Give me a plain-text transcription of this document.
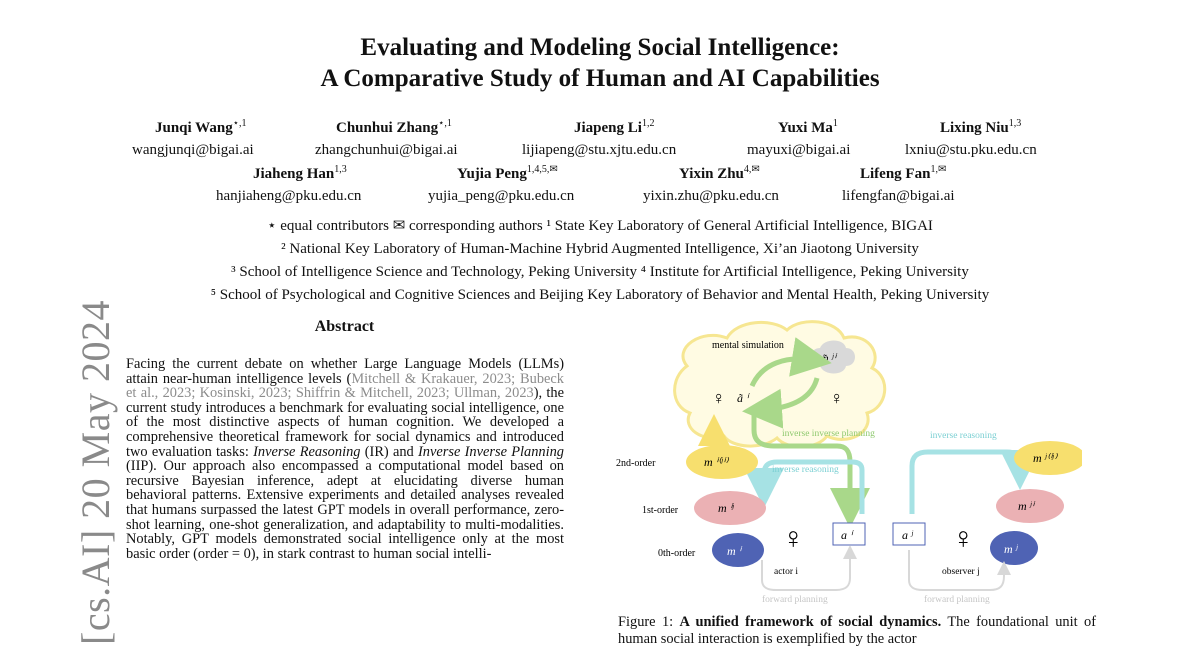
[cs.AI] 20 May 2024
Evaluating and Modeling Social Intelligence:
A Comparative Study of Human and AI Capabilities
Junqi Wang$^{⋆,1}$	Chunhui Zhang$^{⋆,1}$	Jiapeng Li$^{1,2}$	Yuxi Ma$^1$	Lixing Niu$^{1,3}$
wangjunqi@bigai.ai	zhangchunhui@bigai.ai	lijiapeng@stu.xjtu.edu.cn	mayuxi@bigai.ai	lxniu@stu.pku.edu.cn
Jiaheng Han$^{1,3}$	Yujia Peng$^{1,4,5,✉}$	Yixin Zhu$^{4,✉}$	Lifeng Fan$^{1,✉}$
hanjiaheng@pku.edu.cn	yujia_peng@pku.edu.cn	yixin.zhu@pku.edu.cn	lifengfan@bigai.ai
⋆ equal contributors ✉ corresponding authors ¹ State Key Laboratory of General Artificial Intelligence, BIGAI
² National Key Laboratory of Human-Machine Hybrid Augmented Intelligence, Xi’an Jiaotong University
³ School of Intelligence Science and Technology, Peking University ⁴ Institute for Artificial Intelligence, Peking University
⁵ School of Psychological and Cognitive Sciences and Beijing Key Laboratory of Behavior and Mental Health, Peking University
Abstract
Facing the current debate on whether Large Language Models (LLMs) attain near-human intelligence levels (Mitchell & Krakauer, 2023; Bubeck et al., 2023; Kosinski, 2023; Shiffrin & Mitchell, 2023; Ullman, 2023), the current study introduces a benchmark for evaluating social intelligence, one of the most distinctive aspects of human cognition. We developed a comprehensive theoretical framework for social dynamics and introduced two evaluation tasks: Inverse Reasoning (IR) and Inverse Inverse Planning (IIP). Our approach also encompassed a computational model based on recursive Bayesian inference, adept at elucidating diverse human behavioral patterns. Extensive experiments and detailed analyses revealed that humans surpassed the latest GPT models in overall performance, zero-shot learning, one-shot generalization, and adaptability to multi-modalities. Notably, GPT models demonstrated social intelligence only at the most basic order (order = 0), in stark contrast to human social intelli-
mental simulation
m̃ ʲⁱ
♀ ã ⁱ	♀
inverse inverse planning	inverse reasoning
inverse reasoning
2nd-order
1st-order
0th-order
m ⁱ⁽ʲⁱ⁾
m ⁱʲ
m ⁱ
m ʲ⁽ⁱʲ⁾
m ʲⁱ
m ʲ
♀
actor i
a ⁱ	a ʲ ♀
observer j
forward planning	forward planning
Figure 1: A unified framework of social dynamics. The foundational unit of human social interaction is exemplified by the actor
